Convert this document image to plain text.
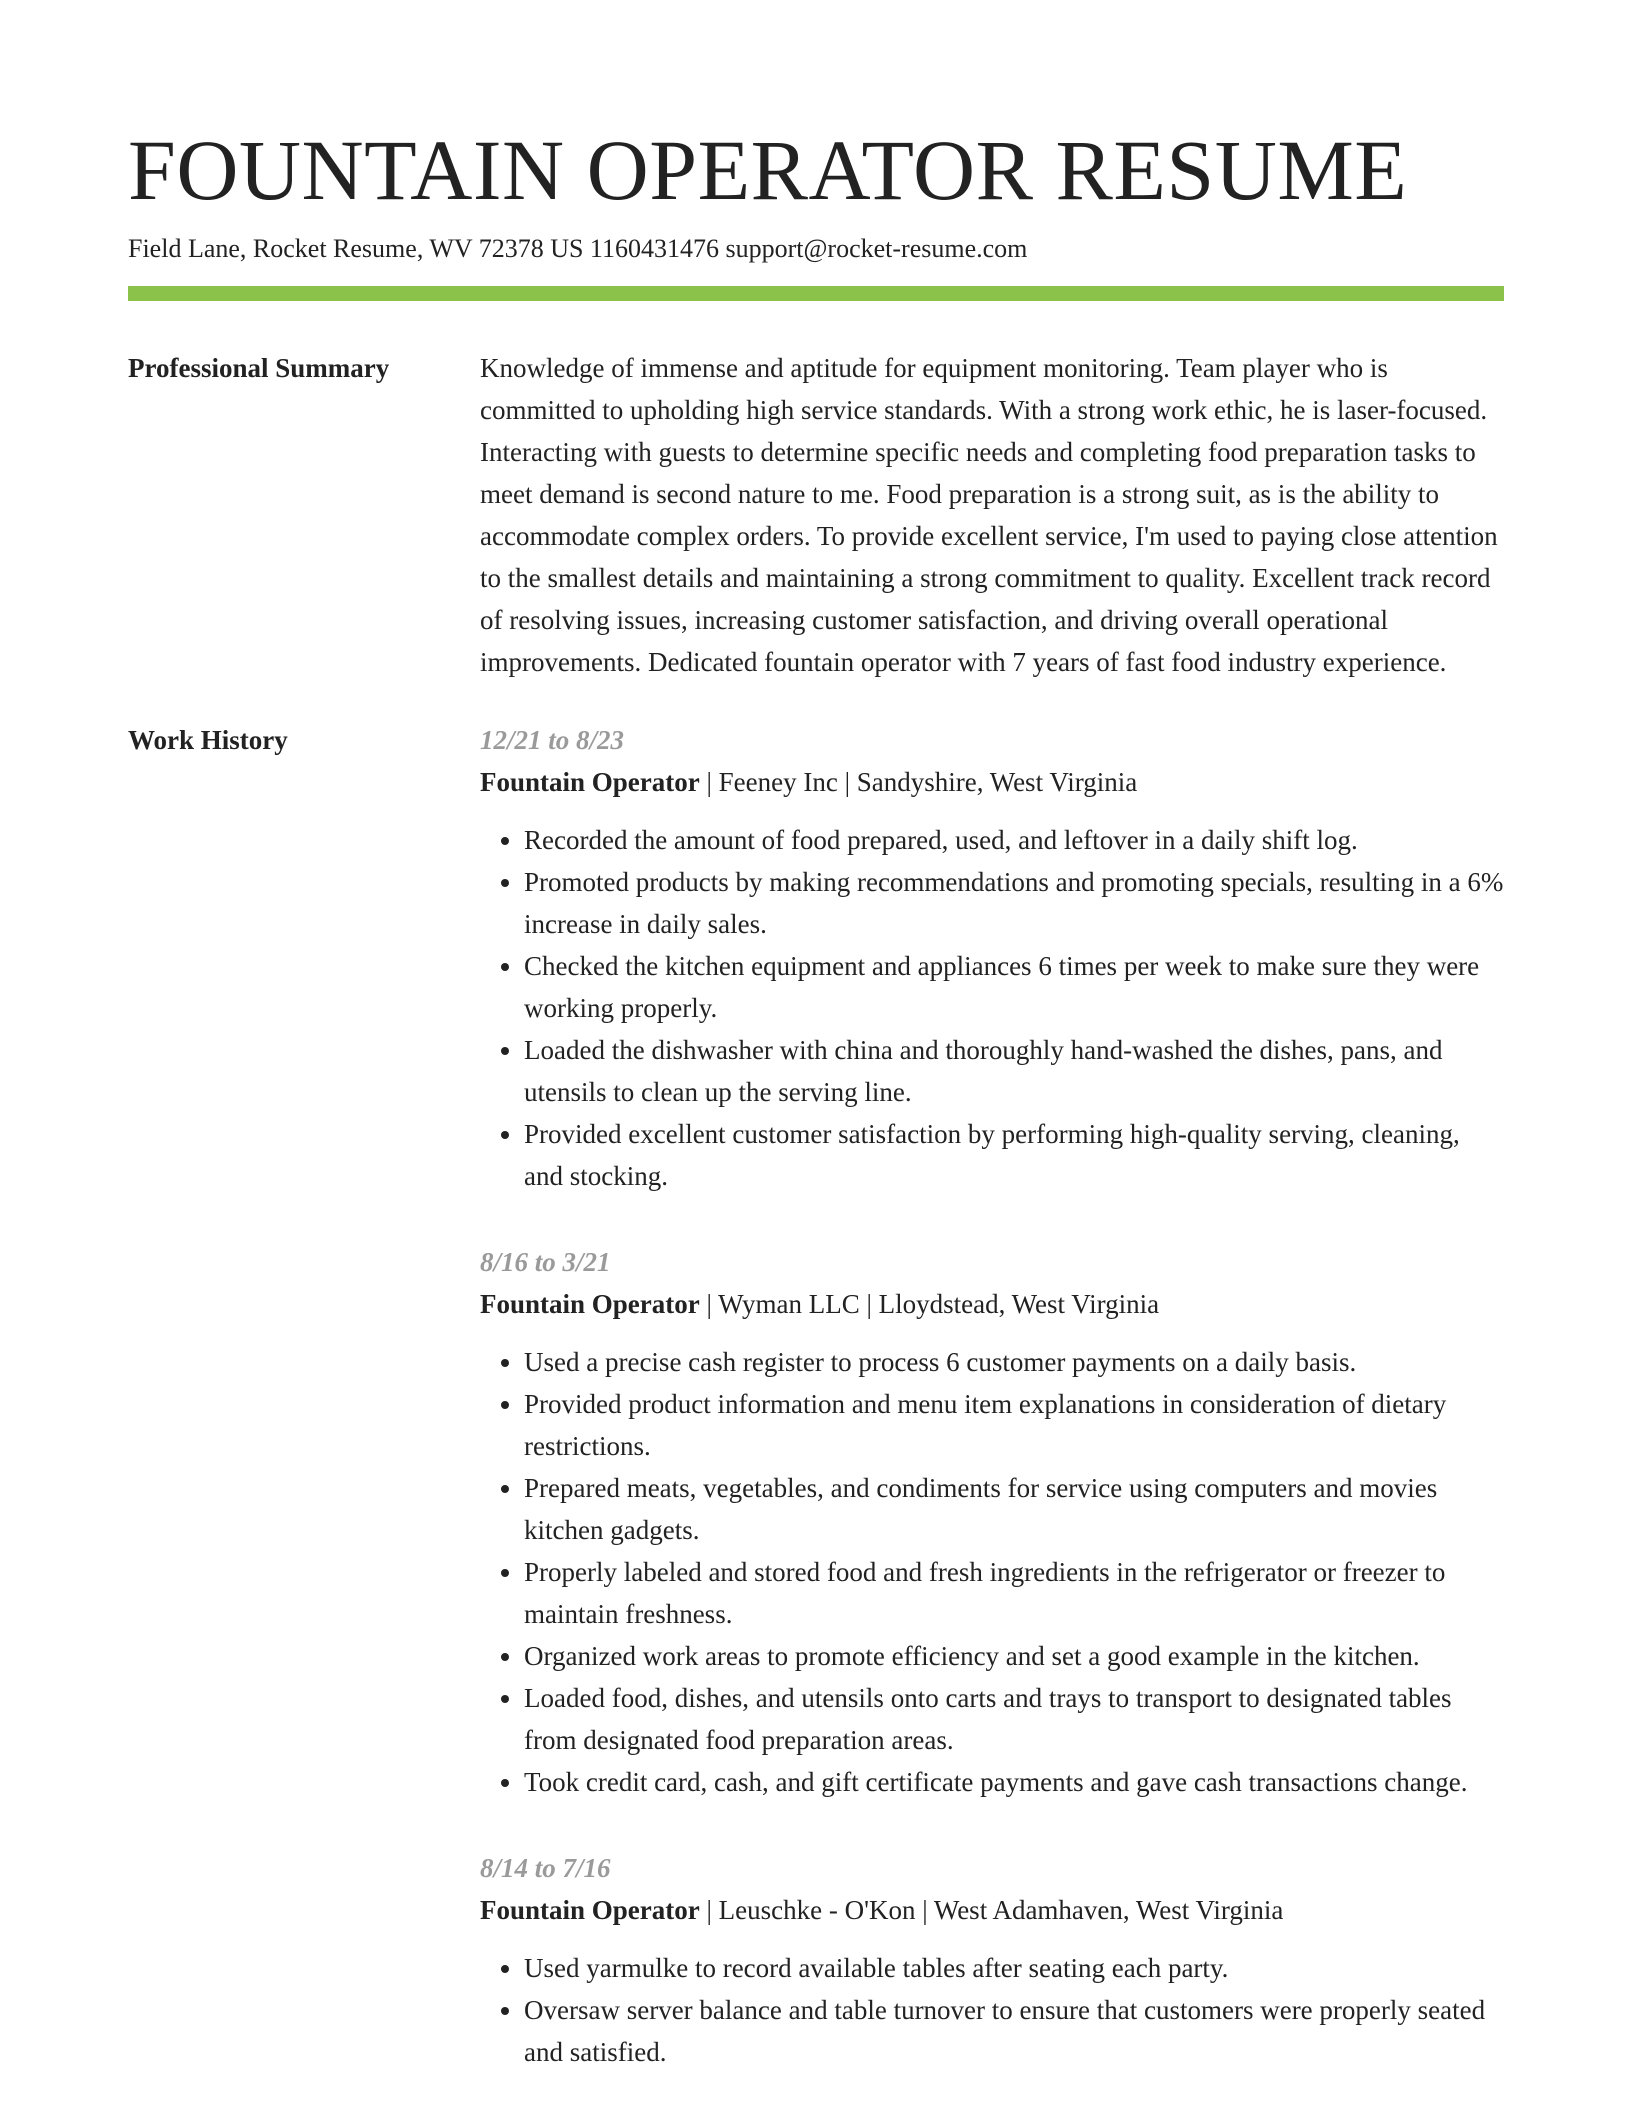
FOUNTAIN OPERATOR RESUME
Field Lane, Rocket Resume, WV 72378 US 1160431476 support@rocket-resume.com
Professional Summary	Knowledge of immense and aptitude for equipment monitoring. Team player who is committed to upholding high service standards. With a strong work ethic, he is laser-focused. Interacting with guests to determine specific needs and completing food preparation tasks to meet demand is second nature to me. Food preparation is a strong suit, as is the ability to accommodate complex orders. To provide excellent service, I'm used to paying close attention to the smallest details and maintaining a strong commitment to quality. Excellent track record of resolving issues, increasing customer satisfaction, and driving overall operational improvements. Dedicated fountain operator with 7 years of fast food industry experience.

Work History	12/21 to 8/23
Fountain Operator | Feeney Inc | Sandyshire, West Virginia
• Recorded the amount of food prepared, used, and leftover in a daily shift log.
• Promoted products by making recommendations and promoting specials, resulting in a 6% increase in daily sales.
• Checked the kitchen equipment and appliances 6 times per week to make sure they were working properly.
• Loaded the dishwasher with china and thoroughly hand-washed the dishes, pans, and utensils to clean up the serving line.
• Provided excellent customer satisfaction by performing high-quality serving, cleaning, and stocking.
8/16 to 3/21
Fountain Operator | Wyman LLC | Lloydstead, West Virginia
• Used a precise cash register to process 6 customer payments on a daily basis.
• Provided product information and menu item explanations in consideration of dietary restrictions.
• Prepared meats, vegetables, and condiments for service using computers and movies kitchen gadgets.
• Properly labeled and stored food and fresh ingredients in the refrigerator or freezer to maintain freshness.
• Organized work areas to promote efficiency and set a good example in the kitchen.
• Loaded food, dishes, and utensils onto carts and trays to transport to designated tables from designated food preparation areas.
• Took credit card, cash, and gift certificate payments and gave cash transactions change.
8/14 to 7/16
Fountain Operator | Leuschke - O'Kon | West Adamhaven, West Virginia
• Used yarmulke to record available tables after seating each party.
• Oversaw server balance and table turnover to ensure that customers were properly seated and satisfied.
